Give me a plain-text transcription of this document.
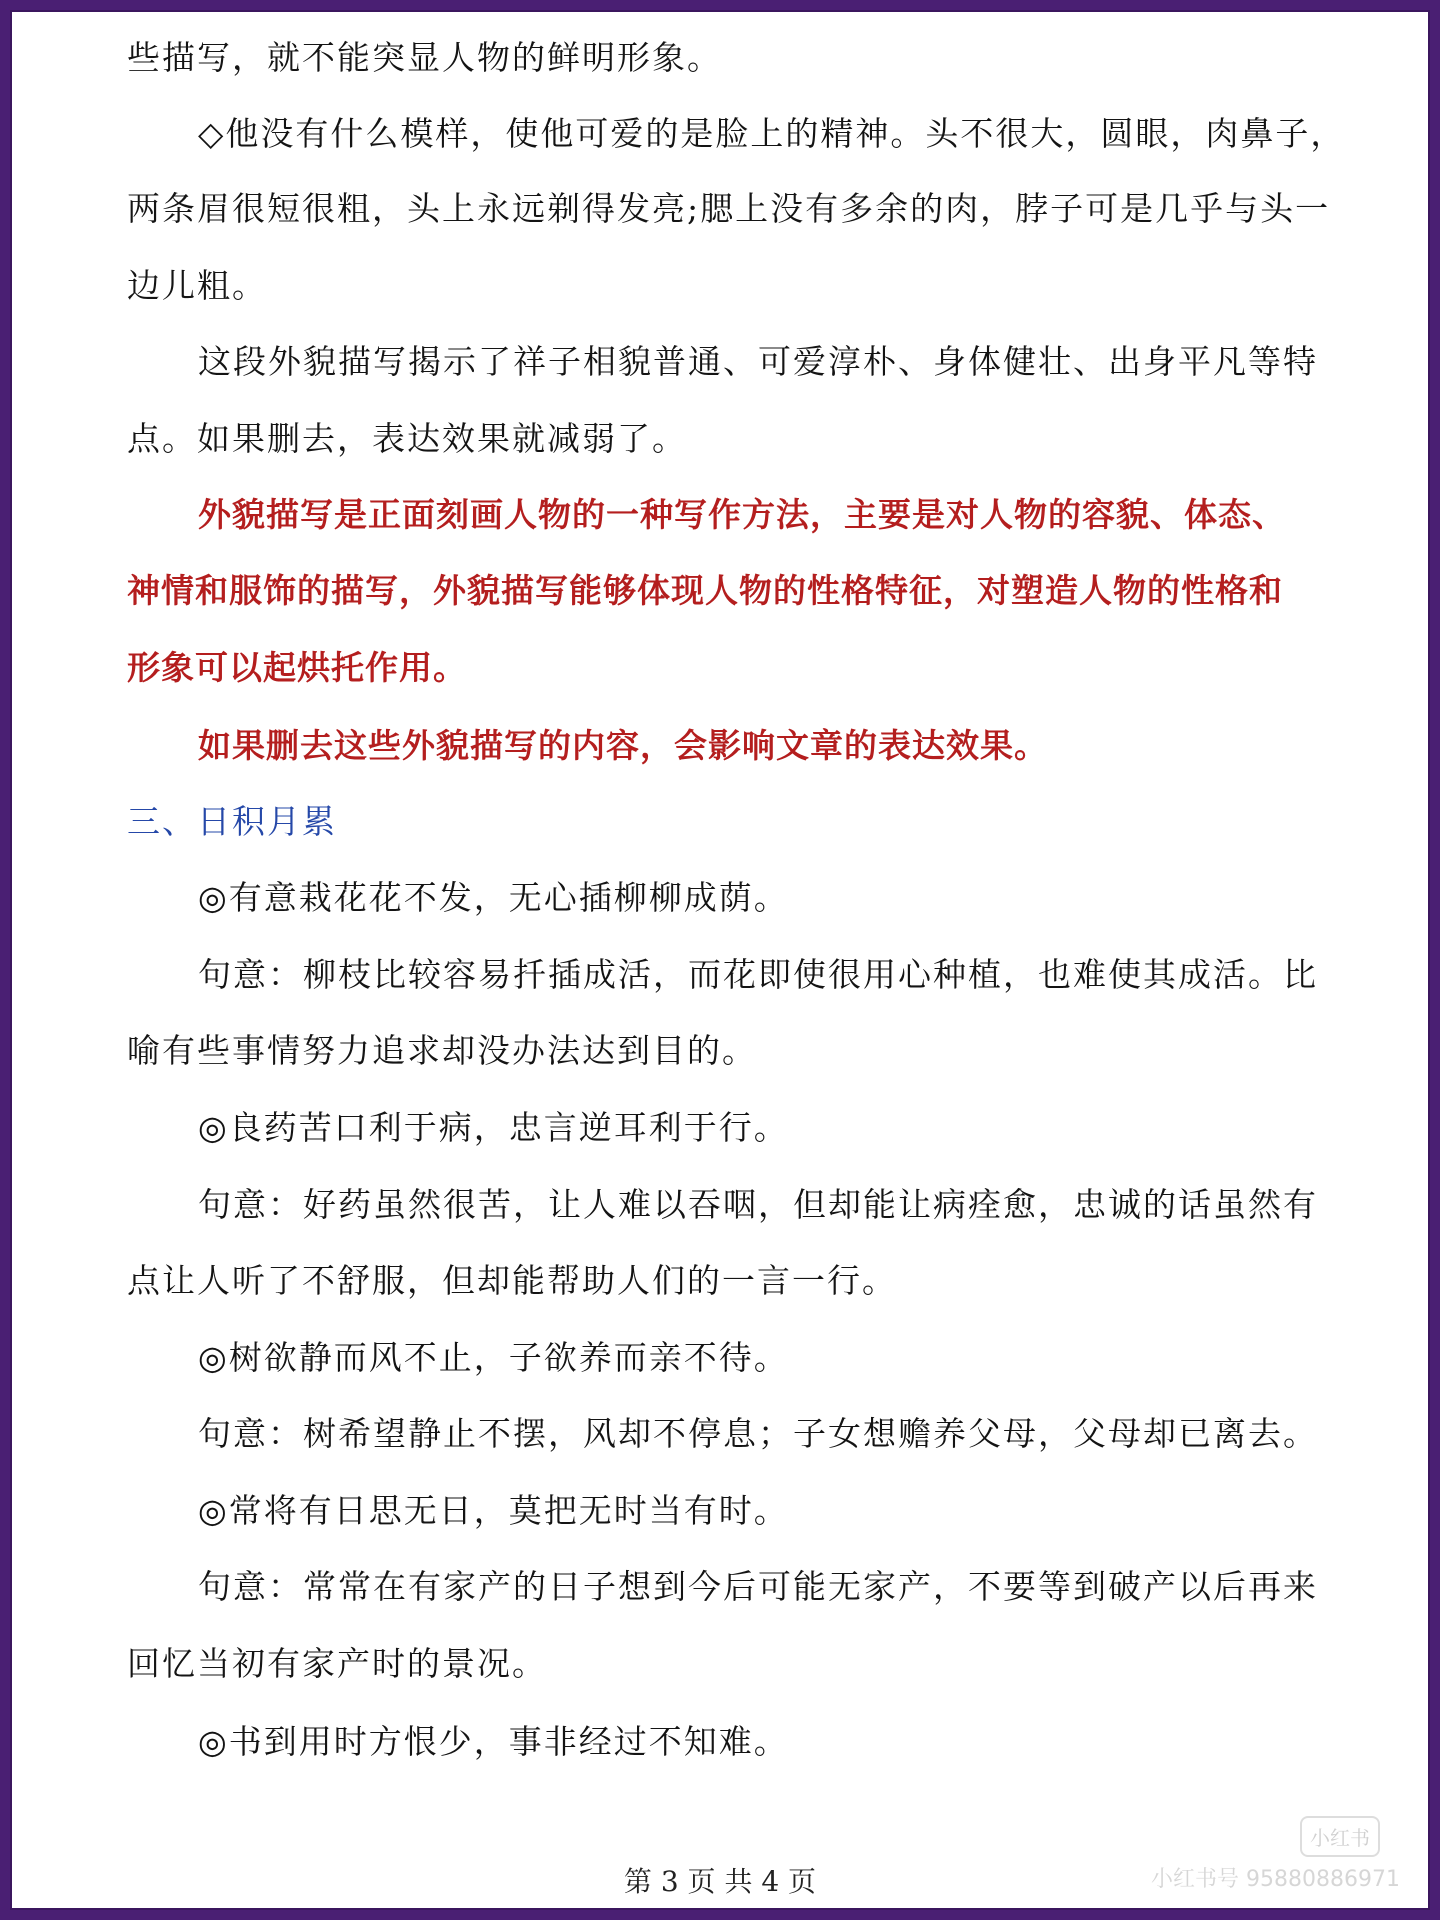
些描写，就不能突显人物的鲜明形象。
◇他没有什么模样，使他可爱的是脸上的精神。头不很大，圆眼，肉鼻子，
两条眉很短很粗，头上永远剃得发亮;腮上没有多余的肉，脖子可是几乎与头一
边儿粗。
这段外貌描写揭示了祥子相貌普通、可爱淳朴、身体健壮、出身平凡等特
点。如果删去，表达效果就减弱了。
外貌描写是正面刻画人物的一种写作方法，主要是对人物的容貌、体态、
神情和服饰的描写，外貌描写能够体现人物的性格特征，对塑造人物的性格和
形象可以起烘托作用。
如果删去这些外貌描写的内容，会影响文章的表达效果。
三、日积月累
◎有意栽花花不发，无心插柳柳成荫。
句意：柳枝比较容易扦插成活，而花即使很用心种植，也难使其成活。比
喻有些事情努力追求却没办法达到目的。
◎良药苦口利于病，忠言逆耳利于行。
句意：好药虽然很苦，让人难以吞咽，但却能让病痊愈，忠诚的话虽然有
点让人听了不舒服，但却能帮助人们的一言一行。
◎树欲静而风不止，子欲养而亲不待。
句意：树希望静止不摆，风却不停息；子女想赡养父母，父母却已离去。
◎常将有日思无日，莫把无时当有时。
句意：常常在有家产的日子想到今后可能无家产，不要等到破产以后再来
回忆当初有家产时的景况。
◎书到用时方恨少，事非经过不知难。
第 3 页 共 4 页
小红书
小红书号 95880886971
